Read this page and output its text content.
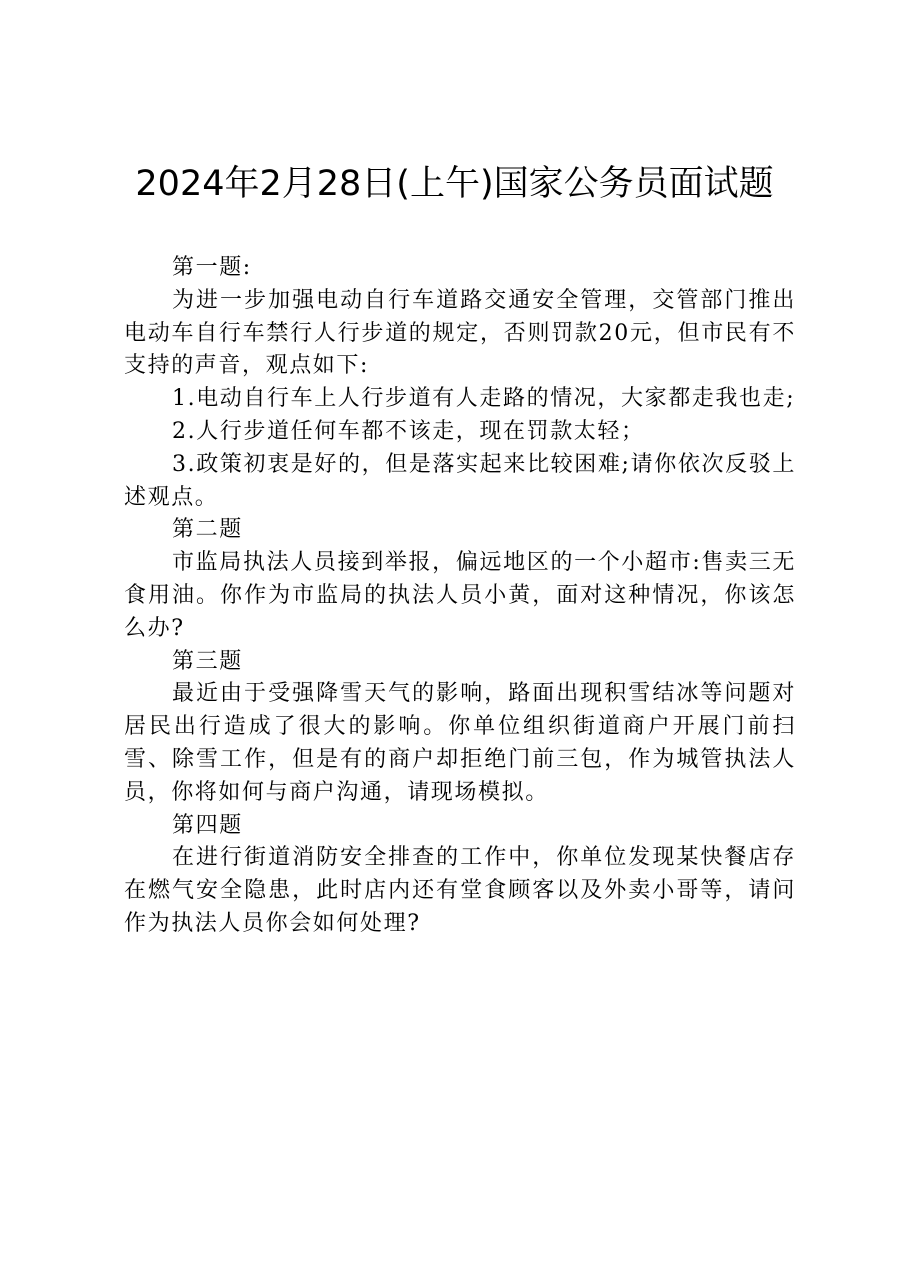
2024年2月28日(上午)国家公务员面试题

第一题:

为进一步加强电动自行车道路交通安全管理，交管部门推出电动车自行车禁行人行步道的规定，否则罚款20元，但市民有不支持的声音，观点如下:

1.电动自行车上人行步道有人走路的情况，大家都走我也走;

2.人行步道任何车都不该走，现在罚款太轻；

3.政策初衷是好的，但是落实起来比较困难;请你依次反驳上述观点。

第二题

市监局执法人员接到举报，偏远地区的一个小超市:售卖三无食用油。你作为市监局的执法人员小黄，面对这种情况，你该怎么办?

第三题

最近由于受强降雪天气的影响，路面出现积雪结冰等问题对居民出行造成了很大的影响。你单位组织街道商户开展门前扫雪、除雪工作，但是有的商户却拒绝门前三包，作为城管执法人员，你将如何与商户沟通，请现场模拟。

第四题

在进行街道消防安全排查的工作中，你单位发现某快餐店存在燃气安全隐患，此时店内还有堂食顾客以及外卖小哥等，请问作为执法人员你会如何处理?
